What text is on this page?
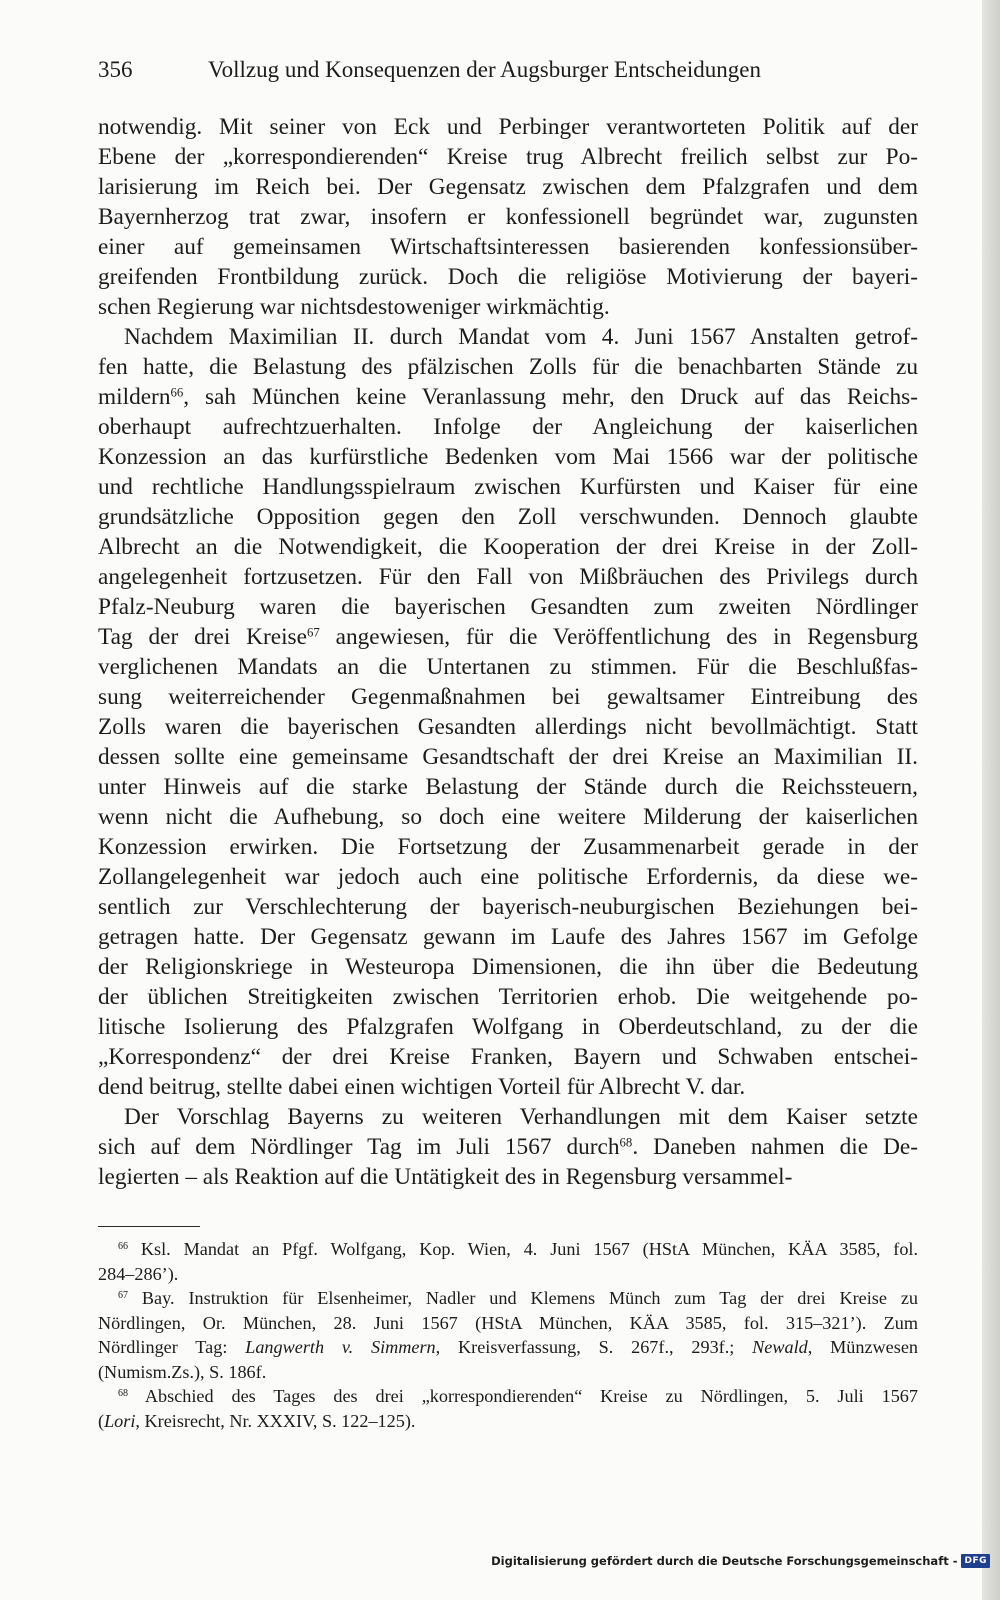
356	Vollzug und Konsequenzen der Augsburger Entscheidungen
notwendig. Mit seiner von Eck und Perbinger verantworteten Politik auf der
Ebene der „korrespondierenden“ Kreise trug Albrecht freilich selbst zur Po-
larisierung im Reich bei. Der Gegensatz zwischen dem Pfalzgrafen und dem
Bayernherzog trat zwar, insofern er konfessionell begründet war, zugunsten
einer auf gemeinsamen Wirtschaftsinteressen basierenden konfessionsüber-
greifenden Frontbildung zurück. Doch die religiöse Motivierung der bayeri-
schen Regierung war nichtsdestoweniger wirkmächtig.
Nachdem Maximilian II. durch Mandat vom 4. Juni 1567 Anstalten getrof-
fen hatte, die Belastung des pfälzischen Zolls für die benachbarten Stände zu
mildern$^{66}$, sah München keine Veranlassung mehr, den Druck auf das Reichs-
oberhaupt aufrechtzuerhalten. Infolge der Angleichung der kaiserlichen
Konzession an das kurfürstliche Bedenken vom Mai 1566 war der politische
und rechtliche Handlungsspielraum zwischen Kurfürsten und Kaiser für eine
grundsätzliche Opposition gegen den Zoll verschwunden. Dennoch glaubte
Albrecht an die Notwendigkeit, die Kooperation der drei Kreise in der Zoll-
angelegenheit fortzusetzen. Für den Fall von Mißbräuchen des Privilegs durch
Pfalz-Neuburg waren die bayerischen Gesandten zum zweiten Nördlinger
Tag der drei Kreise$^{67}$ angewiesen, für die Veröffentlichung des in Regensburg
verglichenen Mandats an die Untertanen zu stimmen. Für die Beschlußfas-
sung weiterreichender Gegenmaßnahmen bei gewaltsamer Eintreibung des
Zolls waren die bayerischen Gesandten allerdings nicht bevollmächtigt. Statt
dessen sollte eine gemeinsame Gesandtschaft der drei Kreise an Maximilian II.
unter Hinweis auf die starke Belastung der Stände durch die Reichssteuern,
wenn nicht die Aufhebung, so doch eine weitere Milderung der kaiserlichen
Konzession erwirken. Die Fortsetzung der Zusammenarbeit gerade in der
Zollangelegenheit war jedoch auch eine politische Erfordernis, da diese we-
sentlich zur Verschlechterung der bayerisch-neuburgischen Beziehungen bei-
getragen hatte. Der Gegensatz gewann im Laufe des Jahres 1567 im Gefolge
der Religionskriege in Westeuropa Dimensionen, die ihn über die Bedeutung
der üblichen Streitigkeiten zwischen Territorien erhob. Die weitgehende po-
litische Isolierung des Pfalzgrafen Wolfgang in Oberdeutschland, zu der die
„Korrespondenz“ der drei Kreise Franken, Bayern und Schwaben entschei-
dend beitrug, stellte dabei einen wichtigen Vorteil für Albrecht V. dar.
Der Vorschlag Bayerns zu weiteren Verhandlungen mit dem Kaiser setzte
sich auf dem Nördlinger Tag im Juli 1567 durch$^{68}$. Daneben nahmen die De-
legierten – als Reaktion auf die Untätigkeit des in Regensburg versammel-
$^{66}$ Ksl. Mandat an Pfgf. Wolfgang, Kop. Wien, 4. Juni 1567 (HStA München, KÄA 3585, fol.
284–286’).
$^{67}$ Bay. Instruktion für Elsenheimer, Nadler und Klemens Münch zum Tag der drei Kreise zu
Nördlingen, Or. München, 28. Juni 1567 (HStA München, KÄA 3585, fol. 315–321’). Zum
Nördlinger Tag: Langwerth v. Simmern, Kreisverfassung, S. 267f., 293f.; Newald, Münzwesen
(Numism.Zs.), S. 186f.
$^{68}$ Abschied des Tages des drei „korrespondierenden“ Kreise zu Nördlingen, 5. Juli 1567
(Lori, Kreisrecht, Nr. XXXIV, S. 122–125).
Digitalisierung gefördert durch die Deutsche Forschungsgemeinschaft - DFG
